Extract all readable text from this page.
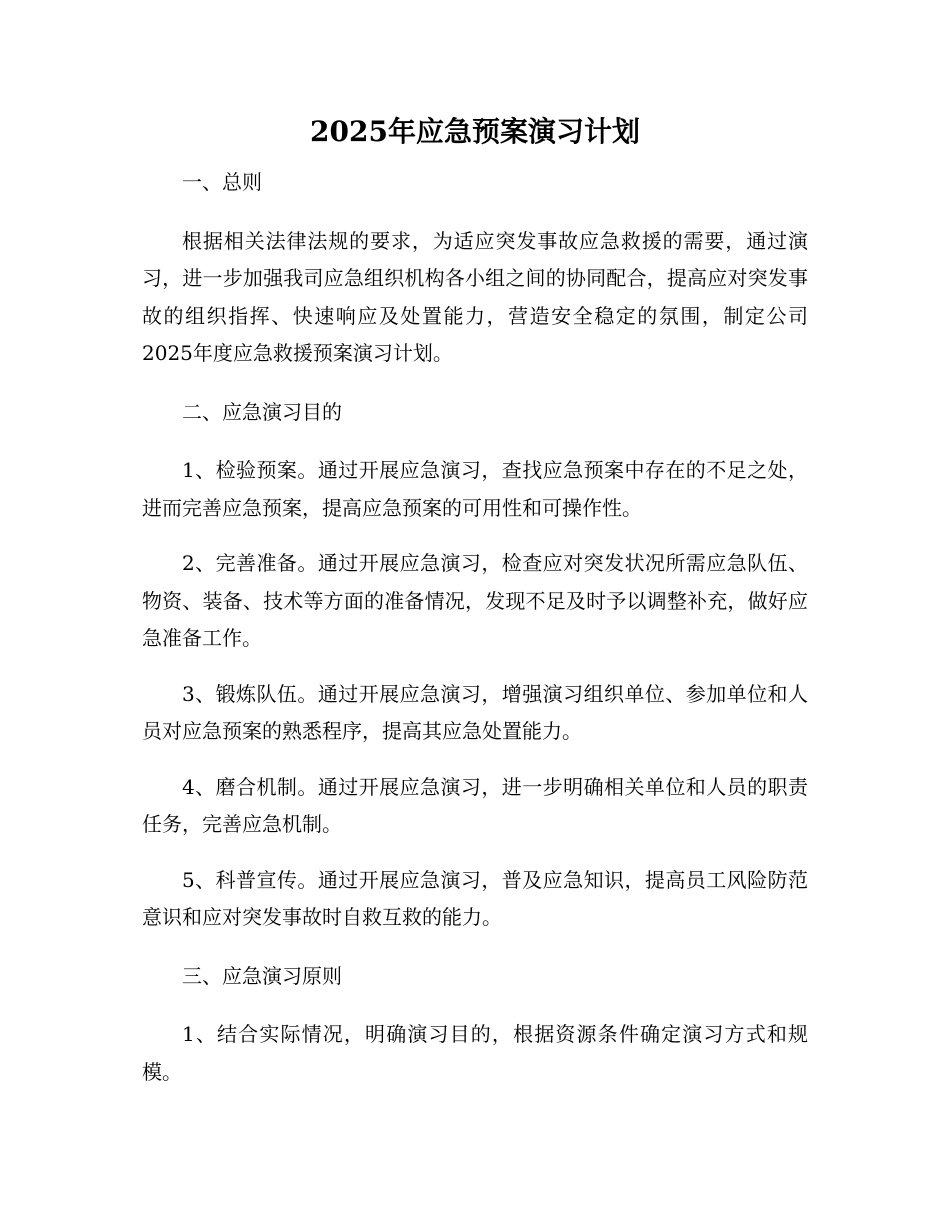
2025年应急预案演习计划

一、总则

根据相关法律法规的要求，为适应突发事故应急救援的需要，通过演习，进一步加强我司应急组织机构各小组之间的协同配合，提高应对突发事故的组织指挥、快速响应及处置能力，营造安全稳定的氛围，制定公司2025年度应急救援预案演习计划。

二、应急演习目的

1、检验预案。通过开展应急演习，查找应急预案中存在的不足之处，进而完善应急预案，提高应急预案的可用性和可操作性。

2、完善准备。通过开展应急演习，检查应对突发状况所需应急队伍、物资、装备、技术等方面的准备情况，发现不足及时予以调整补充，做好应急准备工作。

3、锻炼队伍。通过开展应急演习，增强演习组织单位、参加单位和人员对应急预案的熟悉程序，提高其应急处置能力。

4、磨合机制。通过开展应急演习，进一步明确相关单位和人员的职责任务，完善应急机制。

5、科普宣传。通过开展应急演习，普及应急知识，提高员工风险防范意识和应对突发事故时自救互救的能力。

三、应急演习原则

1、结合实际情况，明确演习目的，根据资源条件确定演习方式和规模。
